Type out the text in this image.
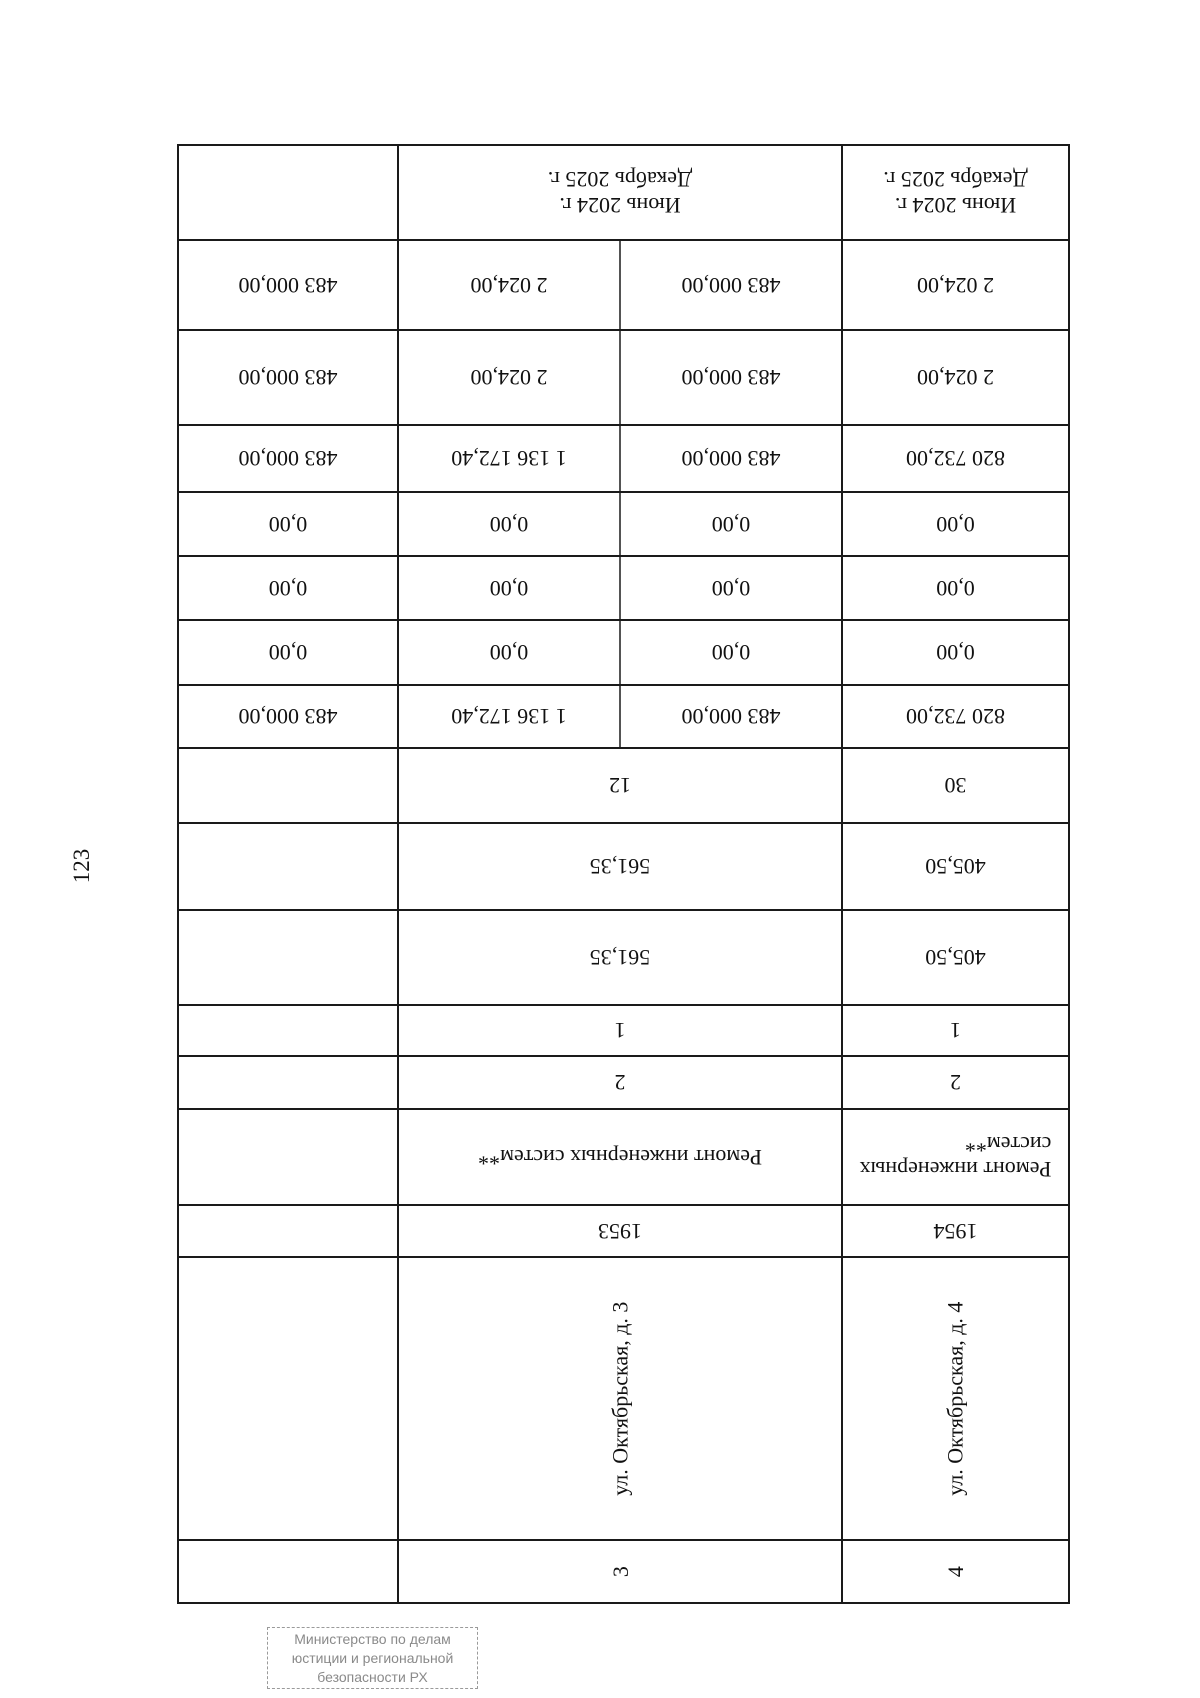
123
Июнь 2024 г.
Декабрь 2025 г.
2 024,00
2 024,00
820 732,00
0,00
0,00
0,00
820 732,00
30
405,50
405,50
1
2
Ремонт инженерных
систем**
1954
ул. Октябрьская, д. 4
4
Июнь 2024 г.
Декабрь 2025 г.
483 000,00
2 024,00
483 000,00
2 024,00
483 000,00
1 136 172,40
0,00
0,00
0,00
0,00
0,00
0,00
483 000,00
1 136 172,40
12
561,35
561,35
1
2
Ремонт инженерных систем**
1953
ул. Октябрьская, д. 3
3
483 000,00
483 000,00
483 000,00
0,00
0,00
0,00
483 000,00
Министерство по делам
юстиции и региональной
безопасности РХ
